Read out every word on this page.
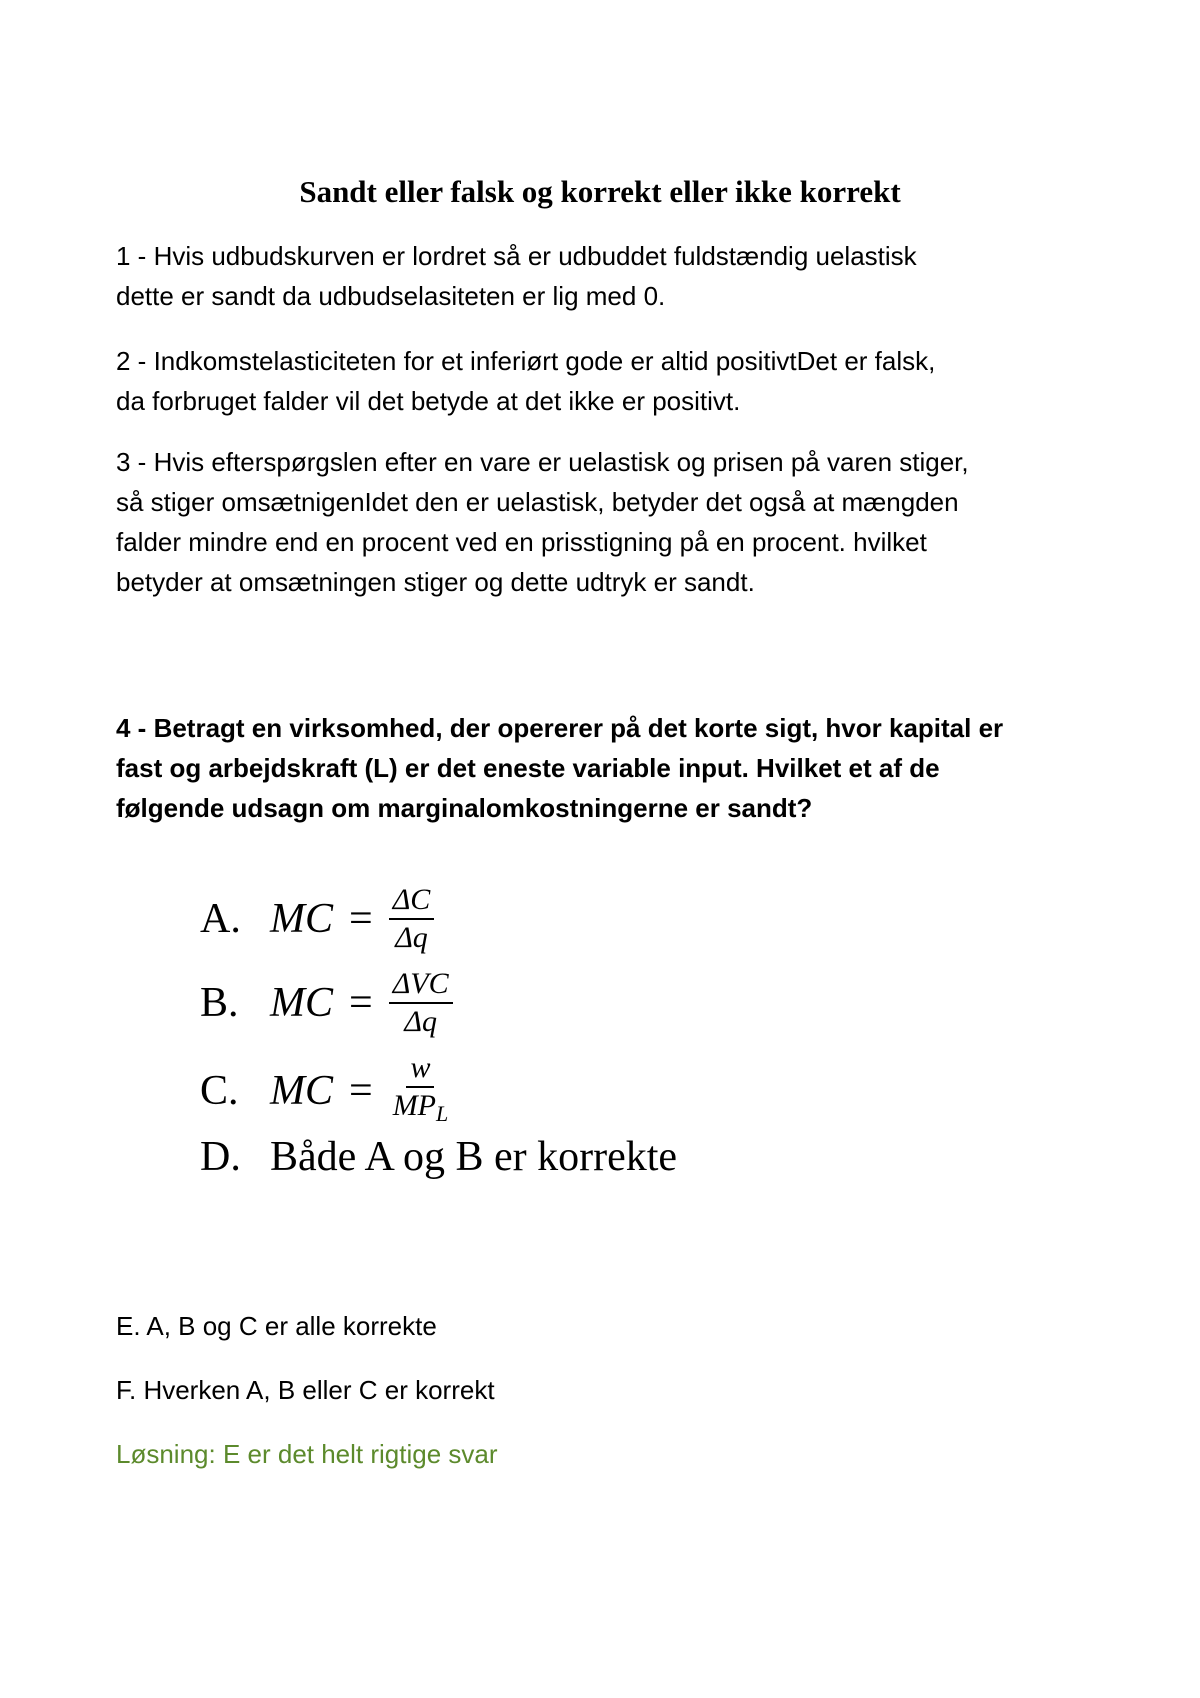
Sandt eller falsk og korrekt eller ikke korrekt
1 - Hvis udbudskurven er lordret så er udbuddet fuldstændig uelastisk
dette er sandt da udbudselasiteten er lig med 0.
2 - Indkomstelasticiteten for et inferiørt gode er altid positivtDet er falsk,
da forbruget falder vil det betyde at det ikke er positivt.
3 - Hvis efterspørgslen efter en vare er uelastisk og prisen på varen stiger,
så stiger omsætnigenIdet den er uelastisk, betyder det også at mængden
falder mindre end en procent ved en prisstigning på en procent. hvilket
betyder at omsætningen stiger og dette udtryk er sandt.
4 - Betragt en virksomhed, der opererer på det korte sigt, hvor kapital er
fast og arbejdskraft (L) er det eneste variable input. Hvilket et af de
følgende udsagn om marginalomkostningerne er sandt?
A. MC = $\frac{\Delta C}{\Delta q}$
B. MC = $\frac{\text{ΔVC}}{\Delta q}$
C. MC = $\frac{w}{MP_L}$
D. Både A og B er korrekte
E. A, B og C er alle korrekte
F. Hverken A, B eller C er korrekt
Løsning: E er det helt rigtige svar
